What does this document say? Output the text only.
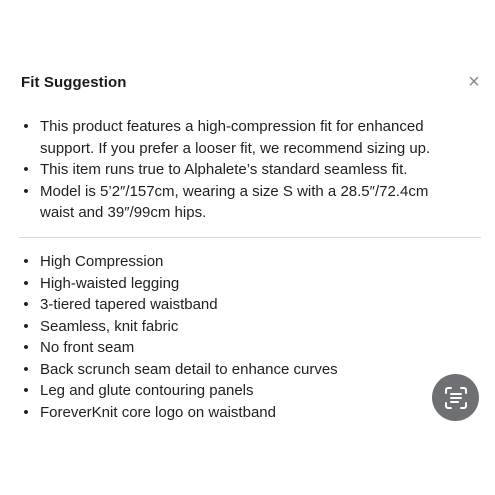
Fit Suggestion	×
• This product features a high-compression fit for enhanced support. If you prefer a looser fit, we recommend sizing up.
• This item runs true to Alphalete’s standard seamless fit.
• Model is 5’2″/157cm, wearing a size S with a 28.5″/72.4cm waist and 39″/99cm hips.
• High Compression
• High-waisted legging
• 3-tiered tapered waistband
• Seamless, knit fabric
• No front seam
• Back scrunch seam detail to enhance curves
• Leg and glute contouring panels
• ForeverKnit core logo on waistband
